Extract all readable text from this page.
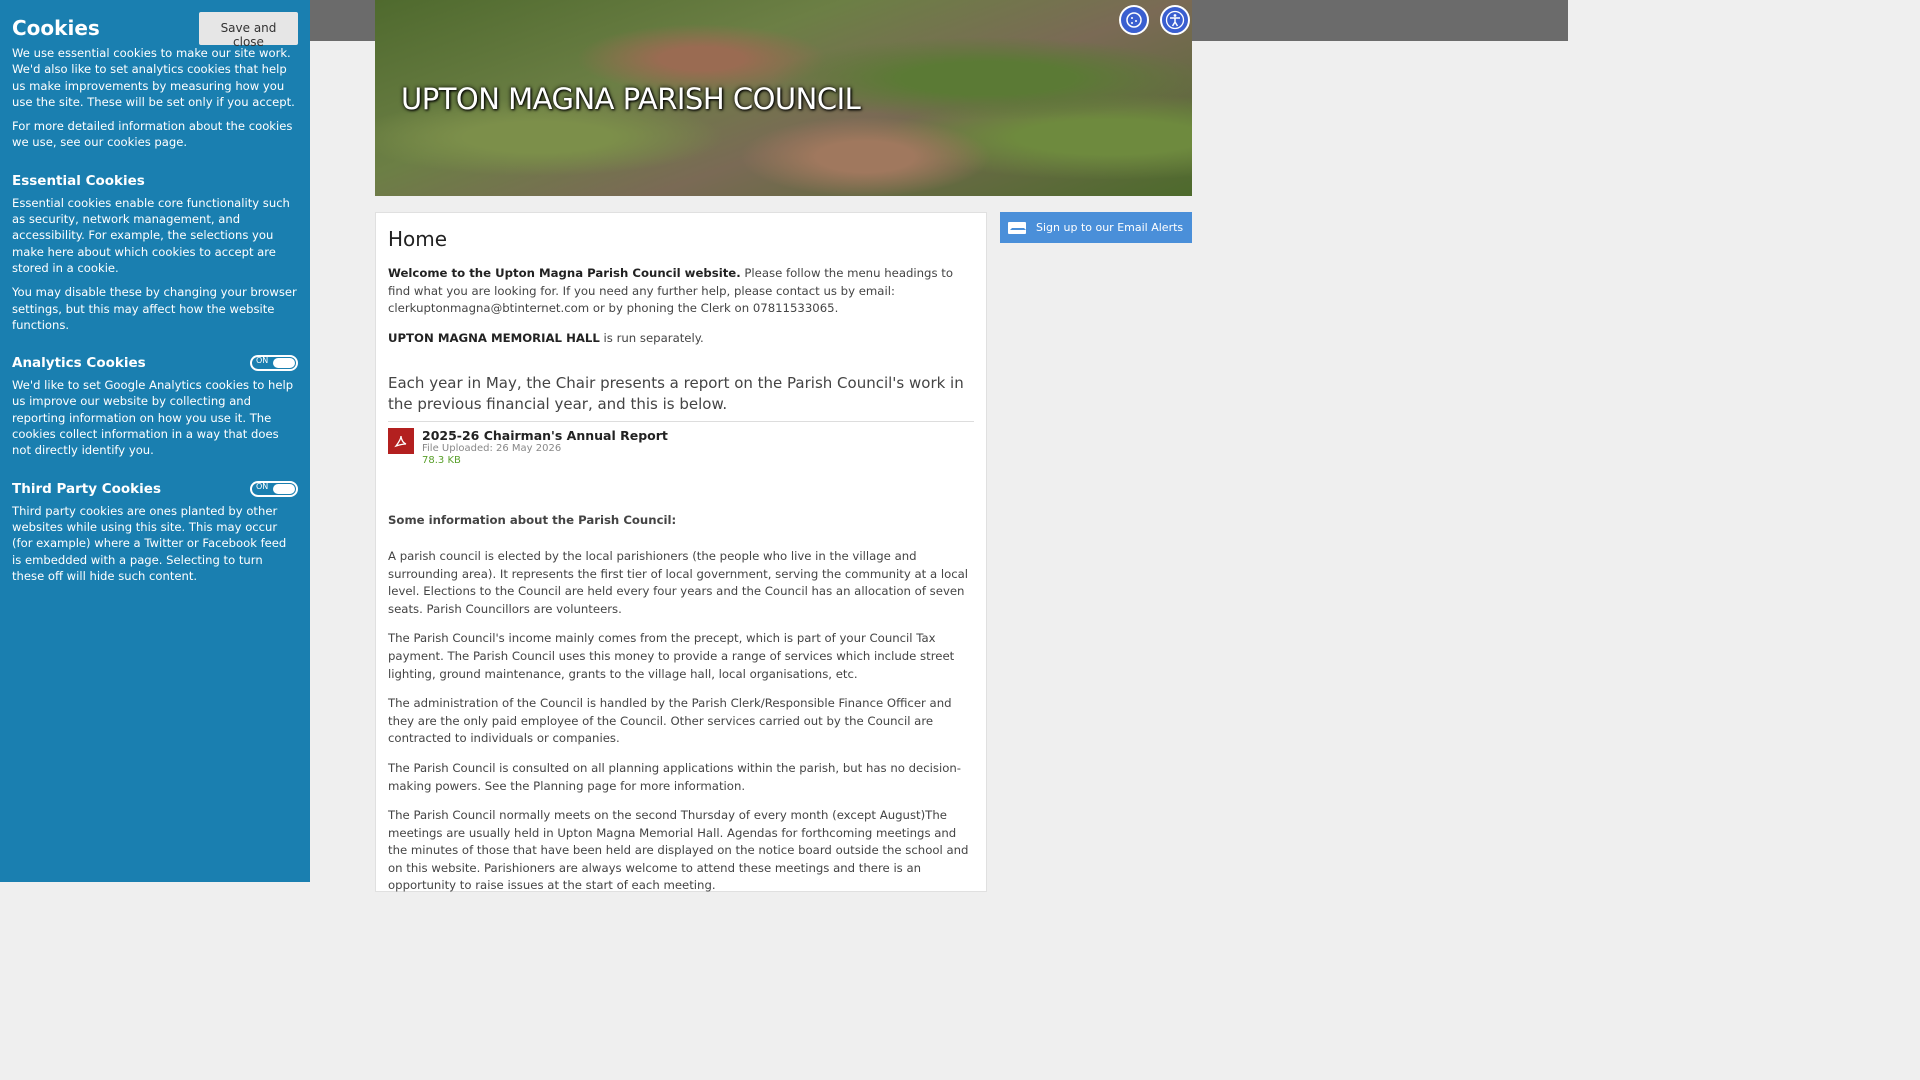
UPTON MAGNA PARISH COUNCIL
Cookies	Save and close

We use essential cookies to make our site work. We'd also like to set analytics cookies that help us make improvements by measuring how you use the site. These will be set only if you accept.

For more detailed information about the cookies we use, see our cookies page.

Essential Cookies

Essential cookies enable core functionality such as security, network management, and accessibility. For example, the selections you make here about which cookies to accept are stored in a cookie.

You may disable these by changing your browser settings, but this may affect how the website functions.

Analytics Cookies	ON

We'd like to set Google Analytics cookies to help us improve our website by collecting and reporting information on how you use it. The cookies collect information in a way that does not directly identify you.

Third Party Cookies	ON

Third party cookies are ones planted by other websites while using this site. This may occur (for example) where a Twitter or Facebook feed is embedded with a page. Selecting to turn these off will hide such content.

Home

Welcome to the Upton Magna Parish Council website. Please follow the menu headings to find what you are looking for. If you need any further help, please contact us by email: clerkuptonmagna@btinternet.com or by phoning the Clerk on 07811533065.

UPTON MAGNA MEMORIAL HALL is run separately.

Each year in May, the Chair presents a report on the Parish Council's work in the previous financial year, and this is below.

2025-26 Chairman's Annual Report
File Uploaded: 26 May 2026
78.3 KB

Some information about the Parish Council:

A parish council is elected by the local parishioners (the people who live in the village and surrounding area). It represents the first tier of local government, serving the community at a local level. Elections to the Council are held every four years and the Council has an allocation of seven seats. Parish Councillors are volunteers.

The Parish Council's income mainly comes from the precept, which is part of your Council Tax payment. The Parish Council uses this money to provide a range of services which include street lighting, ground maintenance, grants to the village hall, local organisations, etc.

The administration of the Council is handled by the Parish Clerk/Responsible Finance Officer and they are the only paid employee of the Council. Other services carried out by the Council are contracted to individuals or companies.

The Parish Council is consulted on all planning applications within the parish, but has no decision-making powers. See the Planning page for more information.

The Parish Council normally meets on the second Thursday of every month (except August)The meetings are usually held in Upton Magna Memorial Hall. Agendas for forthcoming meetings and the minutes of those that have been held are displayed on the notice board outside the school and on this website. Parishioners are always welcome to attend these meetings and there is an opportunity to raise issues at the start of each meeting.

Sign up to our Email Alerts
